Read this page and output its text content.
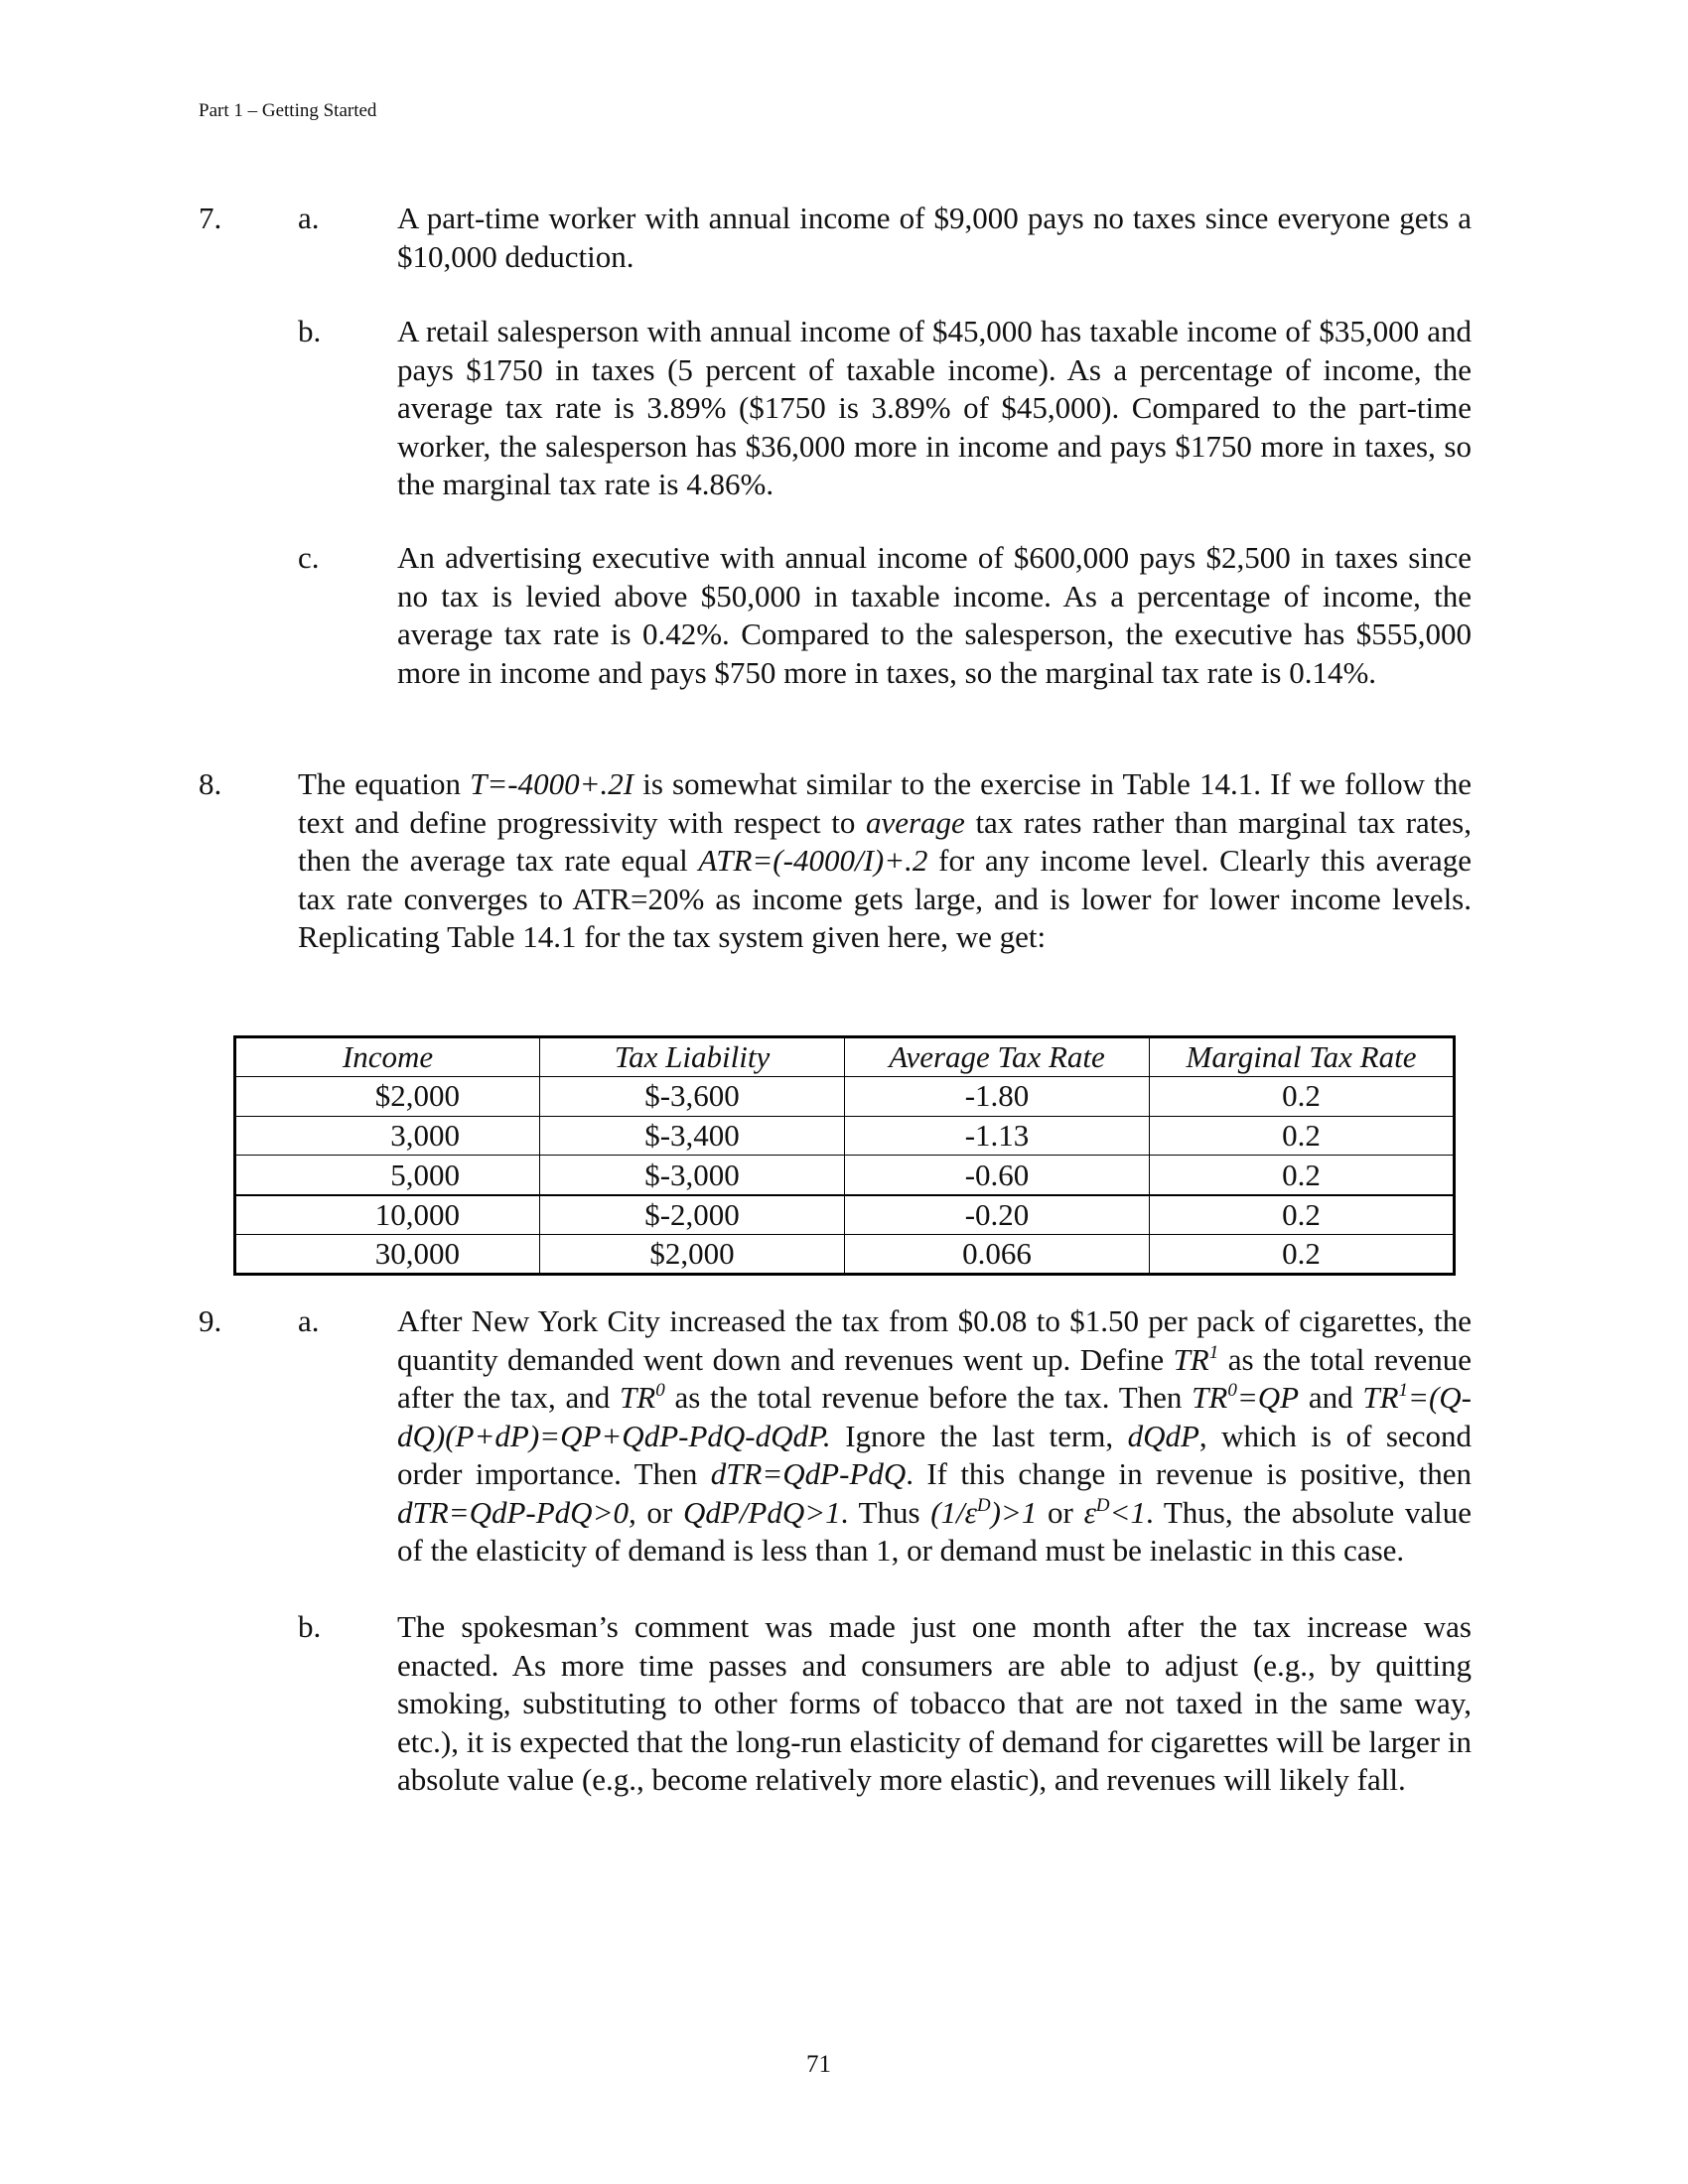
Part 1 – Getting Started
7. a.	A part-time worker with annual income of $9,000 pays no taxes since everyone gets a $10,000 deduction.

b. A retail salesperson with annual income of $45,000 has taxable income of $35,000 and pays $1750 in taxes (5 percent of taxable income). As a percentage of income, the average tax rate is 3.89% ($1750 is 3.89% of $45,000). Compared to the part-time worker, the salesperson has $36,000 more in income and pays $1750 more in taxes, so the marginal tax rate is 4.86%.

c.	An advertising executive with annual income of $600,000 pays $2,500 in taxes since no tax is levied above $50,000 in taxable income. As a percentage of income, the average tax rate is 0.42%. Compared to the salesperson, the executive has $555,000 more in income and pays $750 more in taxes, so the marginal tax rate is 0.14%.

8. The equation T=-4000+.2I is somewhat similar to the exercise in Table 14.1. If we follow the text and define progressivity with respect to average tax rates rather than marginal tax rates, then the average tax rate equal ATR=(-4000/I)+.2 for any income level. Clearly this average tax rate converges to ATR=20% as income gets large, and is lower for lower income levels. Replicating Table 14.1 for the tax system given here, we get:

Income	Tax Liability	Average Tax Rate	Marginal Tax Rate
$2,000	$-3,600	-1.80	0.2
3,000	$-3,400	-1.13	0.2
5,000	$-3,000	-0.60	0.2
10,000	$-2,000	-0.20	0.2
30,000	$2,000	0.066	0.2
9. a.	After New York City increased the tax from $0.08 to $1.50 per pack of cigarettes, the quantity demanded went down and revenues went up. Define $TR^1$ as the total revenue after the tax, and $TR^0$ as the total revenue before the tax. Then $TR^0=QP$ and $TR^1=(Q-dQ)(P+dP)=QP+QdP-PdQ$-dQdP. Ignore the last term, dQdP, which is of second order importance. Then dTR=QdP-PdQ. If this change in revenue is positive, then dTR=QdP-PdQ>0, or QdP/PdQ>1. Thus $(1/\varepsilon^D)>1$ or $\varepsilon^D<1$. Thus, the absolute value of the elasticity of demand is less than 1, or demand must be inelastic in this case.

b. The spokesman’s comment was made just one month after the tax increase was enacted. As more time passes and consumers are able to adjust (e.g., by quitting smoking, substituting to other forms of tobacco that are not taxed in the same way, etc.), it is expected that the long-run elasticity of demand for cigarettes will be larger in absolute value (e.g., become relatively more elastic), and revenues will likely fall.

71
